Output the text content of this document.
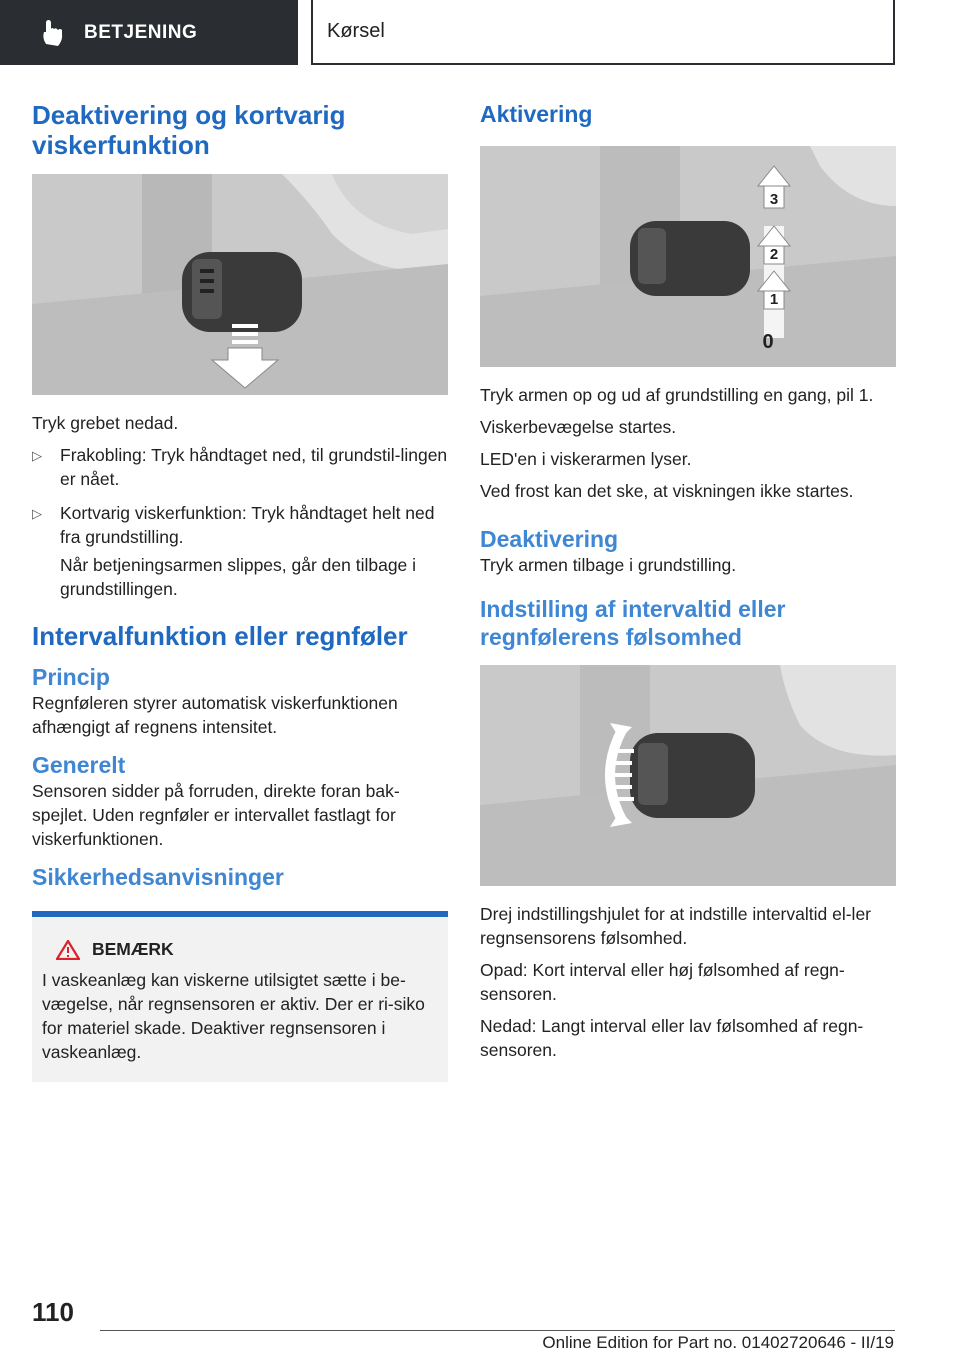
BETJENING	Kørsel
Deaktivering og kortvarig viskerfunktion

Tryk grebet nedad.

▷	Frakobling: Tryk håndtaget ned, til grundstil-lingen er nået.
▷	Kortvarig viskerfunktion: Tryk håndtaget helt ned fra grundstilling.

Når betjeningsarmen slippes, går den tilbage i grundstillingen.

Intervalfunktion eller regnføler
Princip

Regnføleren styrer automatisk viskerfunktionen afhængigt af regnens intensitet.

Generelt

Sensoren sidder på forruden, direkte foran bak-spejlet. Uden regnføler er intervallet fastlagt for viskerfunktionen.

Sikkerhedsanvisninger
BEMÆRK

I vaskeanlæg kan viskerne utilsigtet sætte i be-vægelse, når regnsensoren er aktiv. Der er ri-siko for materiel skade. Deaktiver regnsensoren i vaskeanlæg.

Aktivering
3
2
1
0

Tryk armen op og ud af grundstilling en gang, pil 1.

Viskerbevægelse startes.

LED'en i viskerarmen lyser.

Ved frost kan det ske, at viskningen ikke startes.

Deaktivering

Tryk armen tilbage i grundstilling.

Indstilling af intervaltid eller regnfølerens følsomhed

Drej indstillingshjulet for at indstille intervaltid el-ler regnsensorens følsomhed.

Opad: Kort interval eller høj følsomhed af regn-sensoren.

Nedad: Langt interval eller lav følsomhed af regn-sensoren.

110
Online Edition for Part no. 01402720646 - II/19
